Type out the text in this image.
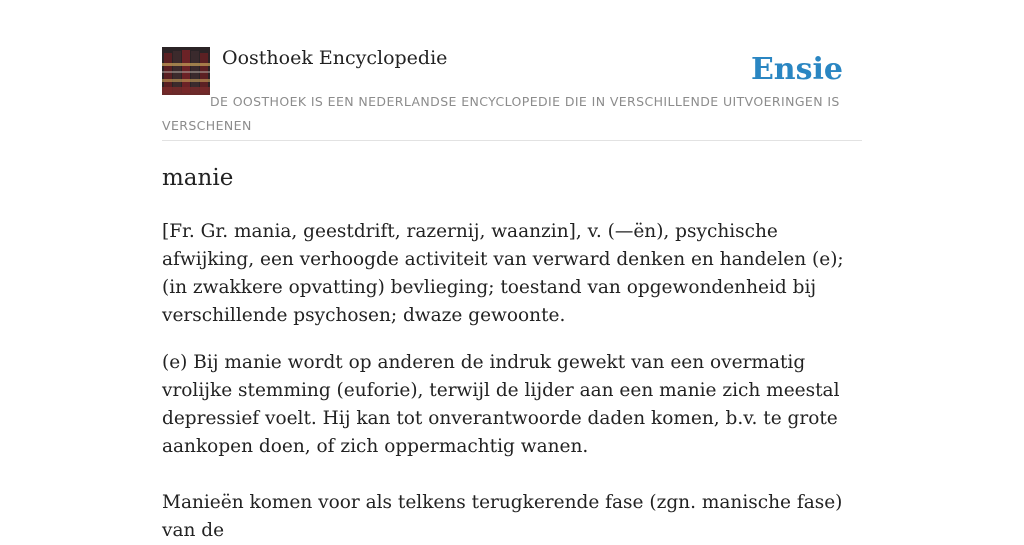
Oosthoek Encyclopedie	Ensie
DE OOSTHOEK IS EEN NEDERLANDSE ENCYCLOPEDIE DIE IN VERSCHILLENDE UITVOERINGEN IS VERSCHENEN
manie

[Fr. Gr. mania, geestdrift, razernij, waanzin], v. (—ën), psychische afwijking, een verhoogde activiteit van verward denken en handelen (e); (in zwakkere opvatting) bevlieging; toestand van opgewondenheid bij verschillende psychosen; dwaze gewoonte.

(e) Bij manie wordt op anderen de indruk gewekt van een overmatig vrolijke stemming (euforie), terwijl de lijder aan een manie zich meestal depressief voelt. Hij kan tot onverantwoorde daden komen, b.v. te grote aankopen doen, of zich oppermachtig wanen.

Manieën komen voor als telkens terugkerende fase (zgn. manische fase) van de
